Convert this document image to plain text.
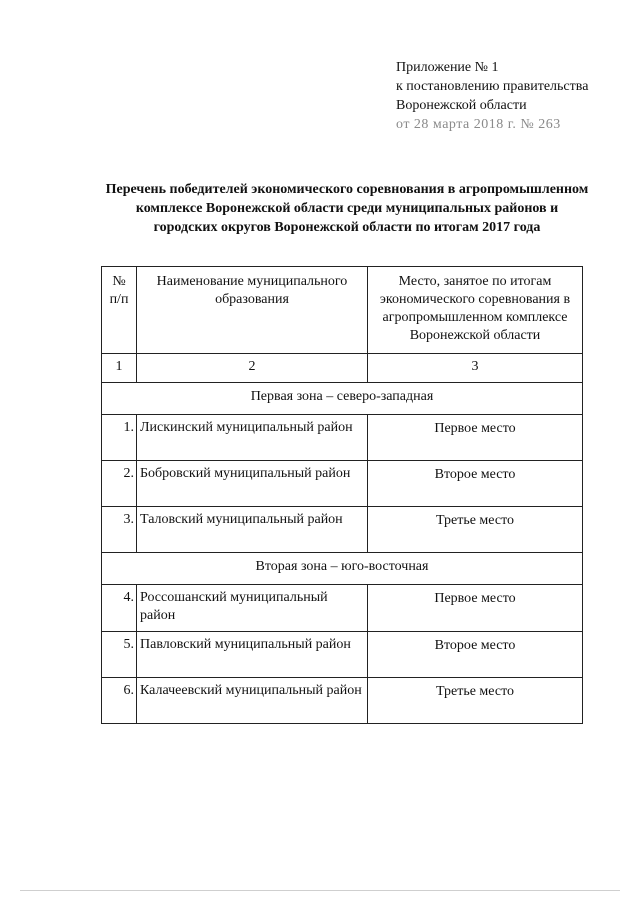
Приложение № 1
к постановлению правительства
Воронежской области
от 28 марта 2018 г. № 263
Перечень победителей экономического соревнования в агропромышленном комплексе Воронежской области среди муниципальных районов и городских округов Воронежской области по итогам 2017 года
№ п/п	Наименование муниципального образования	Место, занятое по итогам экономического соревнования в агропромышленном комплексе Воронежской области
1	2	3
Первая зона – северо-западная		
1.	Лискинский муниципальный район	Первое место
2.	Бобровский муниципальный район	Второе место
3.	Таловский муниципальный район	Третье место
Вторая зона – юго-восточная		
4.	Россошанский муниципальный район	Первое место
5.	Павловский муниципальный район	Второе место
6.	Калачеевский муниципальный район	Третье место
